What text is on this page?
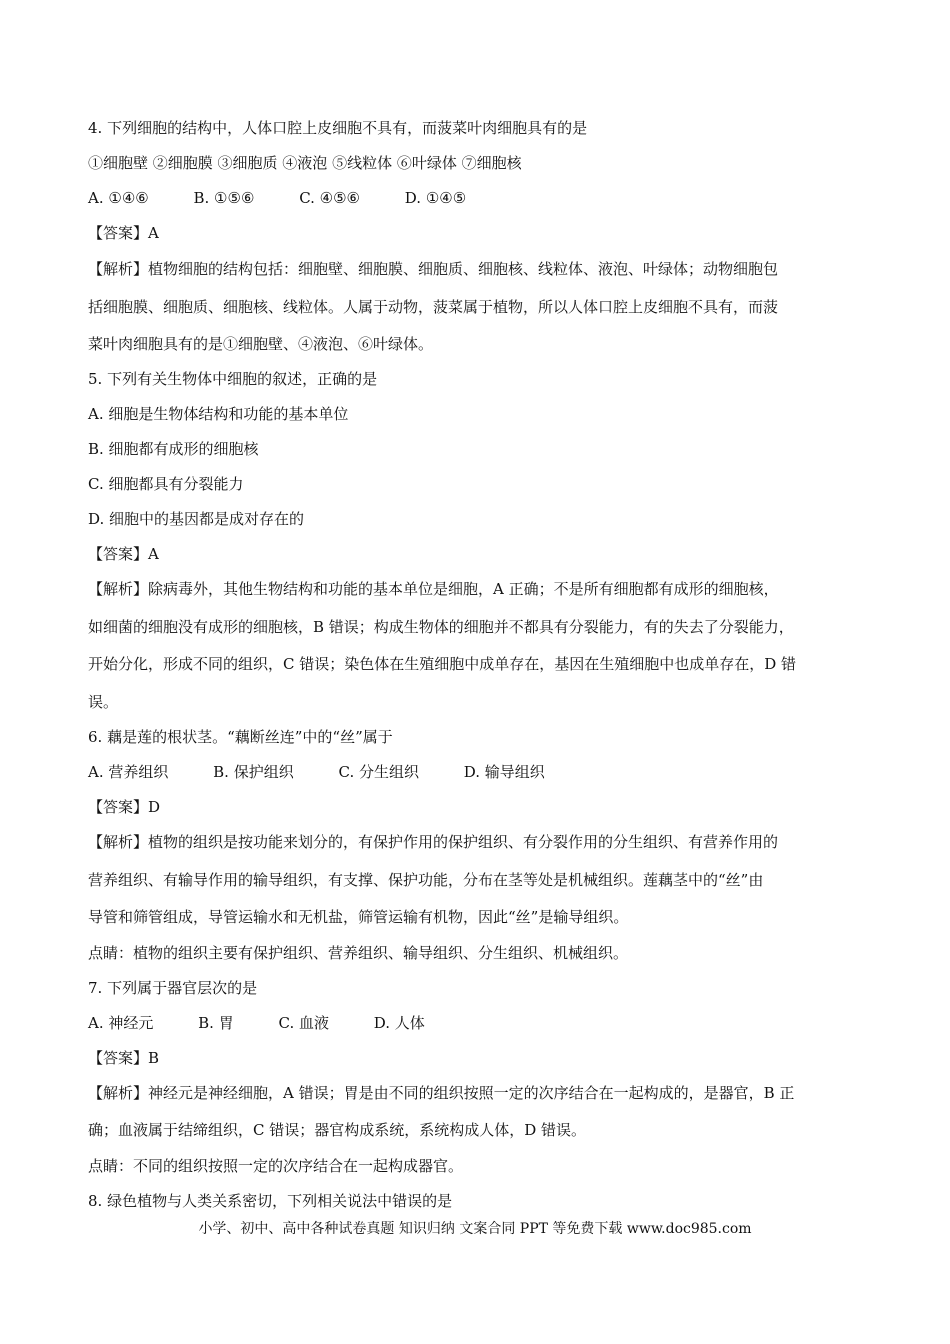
4. 下列细胞的结构中，人体口腔上皮细胞不具有，而菠菜叶肉细胞具有的是
①细胞壁 ②细胞膜 ③细胞质 ④液泡 ⑤线粒体 ⑥叶绿体 ⑦细胞核
A. ①④⑥	B. ①⑤⑥	C. ④⑤⑥	D. ①④⑤
【答案】A
【解析】植物细胞的结构包括：细胞壁、细胞膜、细胞质、细胞核、线粒体、液泡、叶绿体；动物细胞包
括细胞膜、细胞质、细胞核、线粒体。人属于动物，菠菜属于植物，所以人体口腔上皮细胞不具有，而菠
菜叶肉细胞具有的是①细胞壁、④液泡、⑥叶绿体。
5. 下列有关生物体中细胞的叙述，正确的是
A. 细胞是生物体结构和功能的基本单位
B. 细胞都有成形的细胞核
C. 细胞都具有分裂能力
D. 细胞中的基因都是成对存在的
【答案】A
【解析】除病毒外，其他生物结构和功能的基本单位是细胞，A 正确；不是所有细胞都有成形的细胞核，
如细菌的细胞没有成形的细胞核，B 错误；构成生物体的细胞并不都具有分裂能力，有的失去了分裂能力，
开始分化，形成不同的组织，C 错误；染色体在生殖细胞中成单存在，基因在生殖细胞中也成单存在，D 错
误。
6. 藕是莲的根状茎。“藕断丝连”中的“丝”属于
A. 营养组织	B. 保护组织	C. 分生组织	D. 输导组织
【答案】D
【解析】植物的组织是按功能来划分的，有保护作用的保护组织、有分裂作用的分生组织、有营养作用的
营养组织、有输导作用的输导组织，有支撑、保护功能，分布在茎等处是机械组织。莲藕茎中的“丝”由
导管和筛管组成，导管运输水和无机盐，筛管运输有机物，因此“丝”是输导组织。
点睛：植物的组织主要有保护组织、营养组织、输导组织、分生组织、机械组织。
7. 下列属于器官层次的是
A. 神经元	B. 胃	C. 血液	D. 人体
【答案】B
【解析】神经元是神经细胞，A 错误；胃是由不同的组织按照一定的次序结合在一起构成的，是器官，B 正
确；血液属于结缔组织，C 错误；器官构成系统，系统构成人体，D 错误。
点睛：不同的组织按照一定的次序结合在一起构成器官。
8. 绿色植物与人类关系密切，下列相关说法中错误的是
小学、初中、高中各种试卷真题 知识归纳 文案合同 PPT 等免费下载 www.doc985.com
